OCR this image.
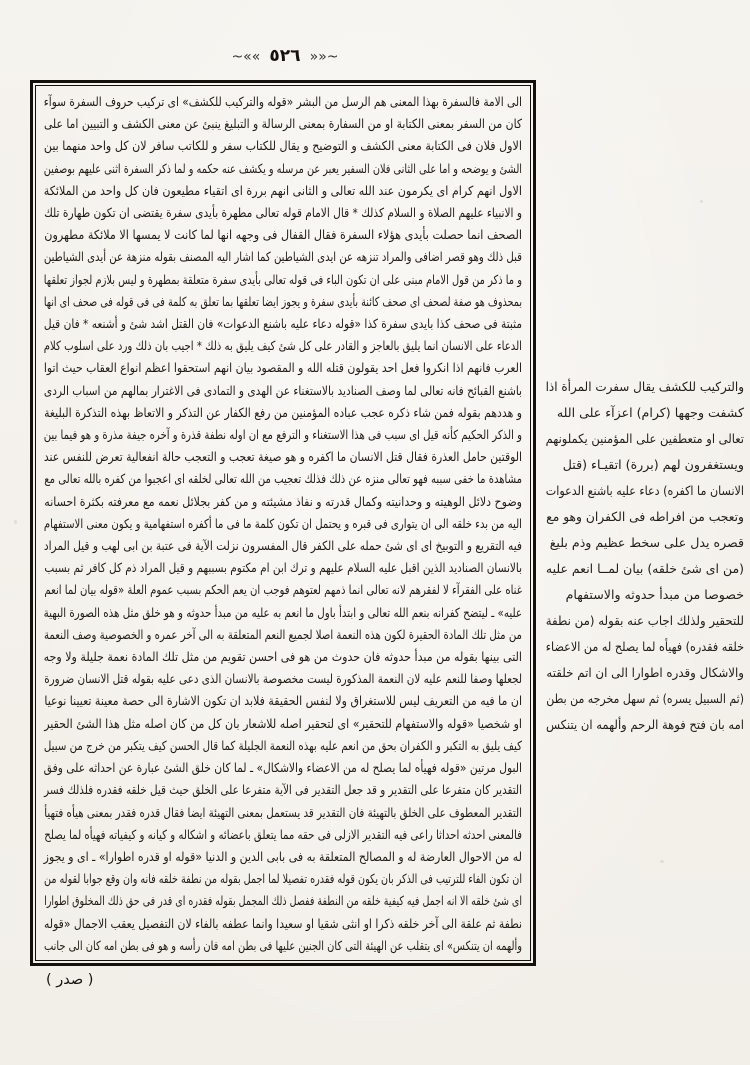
~«« ٥٢٦ »»~
الى الامة فالسفرة بهذا المعنى هم الرسل من البشر «قوله والتركيب للكشف» اى تركيب حروف السفرة سوآء
كان من السفر بمعنى الكتابة او من السفارة بمعنى الرسالة و التبليغ ينبئ عن معنى الكشف و التبيين اما على
الاول فلان فى الكتابة معنى الكشف و التوضيح و يقال للكتاب سفر و للكاتب سافر لان كل واحد منهما بين
الشئ و يوضحه و اما على الثانى فلان السفير يعبر عن مرسله و يكشف عنه حكمه و لما ذكر السفرة اثنى عليهم بوصفين
الاول انهم كرام اى يكرمون عند الله تعالى و الثانى انهم بررة اى اتقياء مطيعون فان كل واحد من الملائكة
و الانبياء عليهم الصلاة و السلام كذلك * قال الامام قوله تعالى مطهرة بأيدى سفرة يقتضى ان تكون طهارة تلك
الصحف انما حصلت بأيدى هؤلاء السفرة فقال القفال فى وجهه انها لما كانت لا يمسها الا ملائكة مطهرون
قبل ذلك وهو قصر اضافى والمراد تنزهه عن ايدى الشياطين كما اشار اليه المصنف بقوله منزهة عن أيدى الشياطين
و ما ذكر من قول الامام مبنى على ان تكون الباء فى قوله تعالى بأيدى سفرة متعلقة بمطهرة و ليس بلازم لجواز تعلقها
بمحذوف هو صفة لصحف اى صحف كائنة بأيدى سفرة و يجوز ايضا تعلقها بما تعلق به كلمة فى فى قوله فى صحف اى انها
مثبتة فى صحف كذا بايدى سفرة كذا «قوله دعاء عليه باشنع الدعوات» فان القتل اشد شئ و أشنعه * فان قيل
الدعاء على الانسان انما يليق بالعاجز و القادر على كل شئ كيف يليق به ذلك * اجيب بان ذلك ورد على اسلوب كلام
العرب فانهم اذا انكروا فعل احد يقولون قتله الله و المقصود بيان انهم استحقوا اعظم انواع العقاب حيث اتوا
باشنع القبائح فانه تعالى لما وصف الصناديد بالاستغناء عن الهدى و التمادى فى الاغترار بمالهم من اسباب الردى
و هددهم بقوله فمن شاء ذكره عجب عباده المؤمنين من رفع الكفار عن التذكر و الاتعاظ بهذه التذكرة البليغة
و الذكر الحكيم كأنه قيل اى سبب فى هذا الاستغناء و الترفع مع ان اوله نطفة قذرة و آخره جيفة مذرة و هو فيما بين
الوقتين حامل العذرة فقال قتل الانسان ما اكفره و هو صيغة تعجب و التعجب حالة انفعالية تعرض للنفس عند
مشاهدة ما خفى سببه فهو تعالى منزه عن ذلك فذلك تعجيب من الله تعالى لخلقه اى اعجبوا من كفره بالله تعالى مع
وضوح دلائل الوهيته و وحدانيته وكمال قدرته و نفاذ مشيئته و من كفر بجلائل نعمه مع معرفته بكثرة احسانه
اليه من بدء خلقه الى ان يتوارى فى قبره و يحتمل ان تكون كلمة ما فى ما أكفره استفهامية و يكون معنى الاستفهام
فيه التقريع و التوبيخ اى اى شئ حمله على الكفر قال المفسرون نزلت الآية فى عتبة بن ابى لهب و قيل المراد
بالانسان الصناديد الذين اقبل عليه السلام عليهم و ترك ابن ام مكتوم بسببهم و قيل المراد ذم كل كافر ثم بسبب
غناه على الفقرآء لا لفقرهم لانه تعالى انما ذمهم لعتوهم فوجب ان يعم الحكم بسبب عموم العلة «قوله بيان لما انعم
عليه» ـ ليتضح كفرانه بنعم الله تعالى و ابتدأ باول ما انعم به عليه من مبدأ حدوثه و هو خلق مثل هذه الصورة البهية
من مثل تلك المادة الحقيرة لكون هذه النعمة اصلا لجميع النعم المتعلقة به الى آخر عمره و الخصوصية وصف النعمة
التى بينها بقوله من مبدأ حدوثه فان حدوث من هو فى احسن تقويم من مثل تلك المادة نعمة جليلة ولا وجه
لجعلها وصفا للنعم عليه لان النعمة المذكورة ليست مخصوصة بالانسان الذى دعى عليه بقوله قتل الانسان ضرورة
ان ما فيه من التعريف ليس للاستغراق ولا لنفس الحقيقة فلابد ان تكون الاشارة الى حصة معينة تعيينا نوعيا
او شخصيا «قوله والاستفهام للتحقير» اى لتحقير اصله للاشعار بان كل من كان اصله مثل هذا الشئ الحقير
كيف يليق به التكبر و الكفران بحق من انعم عليه بهذه النعمة الجليلة كما قال الحسن كيف يتكبر من خرج من سبيل
البول مرتين «قوله فهيأه لما يصلح له من الاعضاء والاشكال» ـ لما كان خلق الشئ عبارة عن احداثه على وفق
التقدير كان متفرعا على التقدير و قد جعل التقدير فى الآية متفرعا على الخلق حيث قيل خلقه فقدره فلذلك فسر
التقدير المعطوف على الخلق بالتهيئة فان التقدير قد يستعمل بمعنى التهيئة ايضا فقال قدره فقدر بمعنى هيأه فتهيأ
فالمعنى احدثه احداثا راعى فيه التقدير الازلى فى حقه مما يتعلق باعضائه و اشكاله و كيانه و كيفياته فهيأه لما يصلح
له من الاحوال العارضة له و المصالح المتعلقة به فى بابى الدين و الدنيا «قوله او قدره اطوارا» ـ اى و يجوز
ان تكون الفاء للترتيب فى الذكر بان يكون قوله فقدره تفصيلا لما اجمل بقوله من نطفة خلقه فانه وان وقع جوابا لقوله من
اى شئ خلقه الا انه اجمل فيه كيفية خلقه من النطفة ففصل ذلك المجمل بقوله فقدره اى قدر فى حق ذلك المخلوق اطوارا
نطفة ثم علقة الى آخر خلقه ذكرا او انثى شقيا او سعيدا وانما عطفه بالفاء لان التفصيل يعقب الاجمال «قوله
وألهمه ان يتنكس» اى يتقلب عن الهيئة التى كان الجنين عليها فى بطن امه فان رأسه و هو فى بطن امه كان الى جانب
والتركيب للكشف يقال سفرت المرأة اذا
كشفت وجهها (كرام) اعزآء على الله
تعالى او متعطفين على المؤمنين يكملونهم
ويستغفرون لهم (بررة) اتقيـاء (قتل
الانسان ما اكفره) دعاء عليه باشنع الدعوات
وتعجب من افراطه فى الكفران وهو مع
قصره يدل على سخط عظيم وذم بليغ
(من اى شئ خلقه) بيان لمــا انعم عليه
خصوصا من مبدأ حدوثه والاستفهام
للتحقير ولذلك اجاب عنه بقوله (من نطفة
خلقه فقدره) فهيأه لما يصلح له من الاعضاء
والاشكال وقدره اطوارا الى ان اتم خلقته
(ثم السبيل يسره) ثم سهل مخرجه من بطن
امه بان فتح فوهة الرحم وألهمه ان يتنكس
( صدر )
